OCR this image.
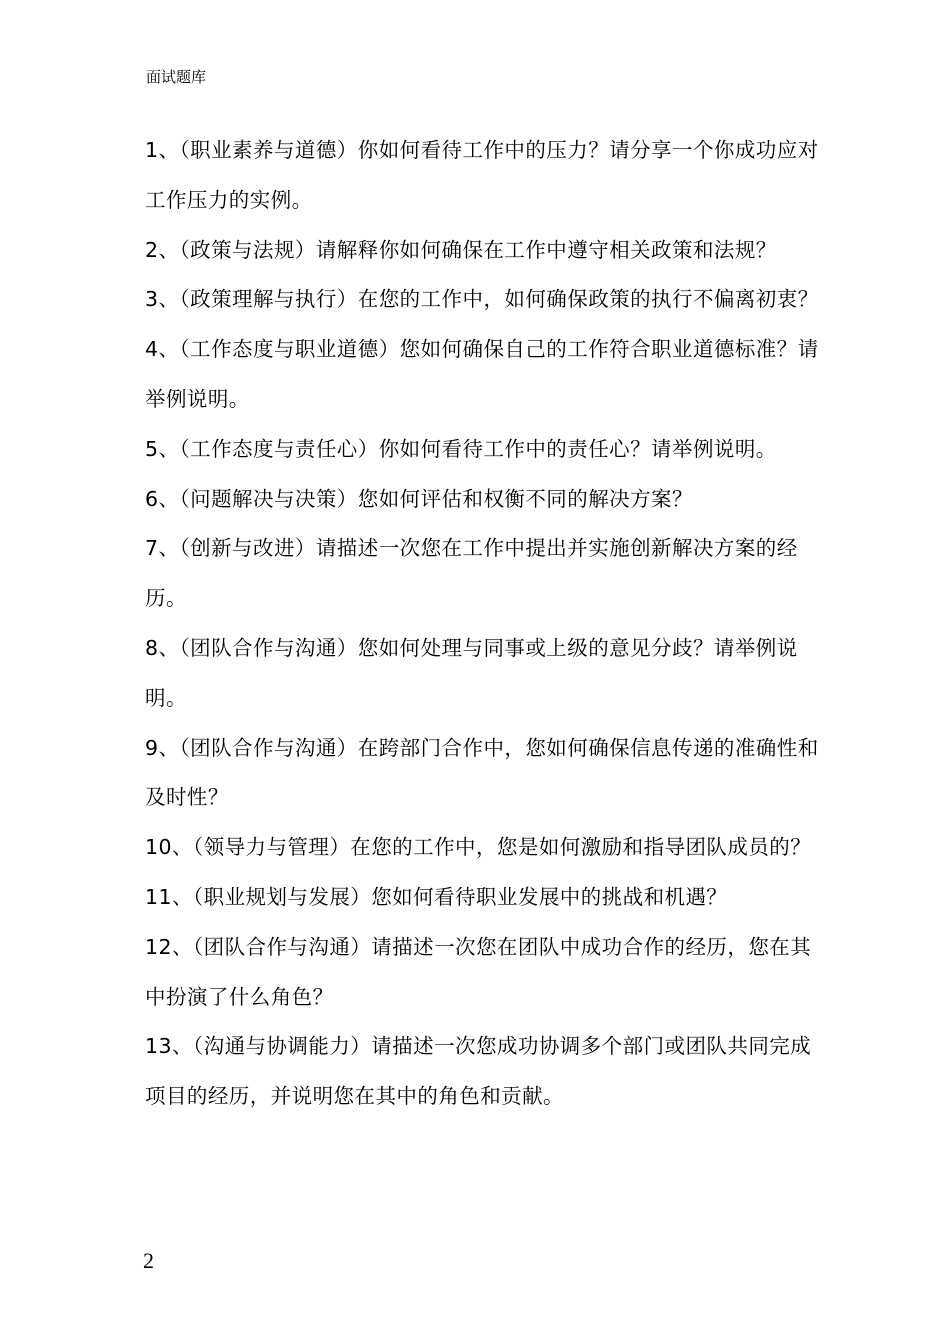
面试题库
1、（职业素养与道德）你如何看待工作中的压力？请分享一个你成功应对工作压力的实例。
2、（政策与法规）请解释你如何确保在工作中遵守相关政策和法规？
3、（政策理解与执行）在您的工作中，如何确保政策的执行不偏离初衷？
4、（工作态度与职业道德）您如何确保自己的工作符合职业道德标准？请举例说明。
5、（工作态度与责任心）你如何看待工作中的责任心？请举例说明。
6、（问题解决与决策）您如何评估和权衡不同的解决方案？
7、（创新与改进）请描述一次您在工作中提出并实施创新解决方案的经历。
8、（团队合作与沟通）您如何处理与同事或上级的意见分歧？请举例说明。
9、（团队合作与沟通）在跨部门合作中，您如何确保信息传递的准确性和及时性？
10、（领导力与管理）在您的工作中，您是如何激励和指导团队成员的？
11、（职业规划与发展）您如何看待职业发展中的挑战和机遇？
12、（团队合作与沟通）请描述一次您在团队中成功合作的经历，您在其中扮演了什么角色？
13、（沟通与协调能力）请描述一次您成功协调多个部门或团队共同完成项目的经历，并说明您在其中的角色和贡献。
2
